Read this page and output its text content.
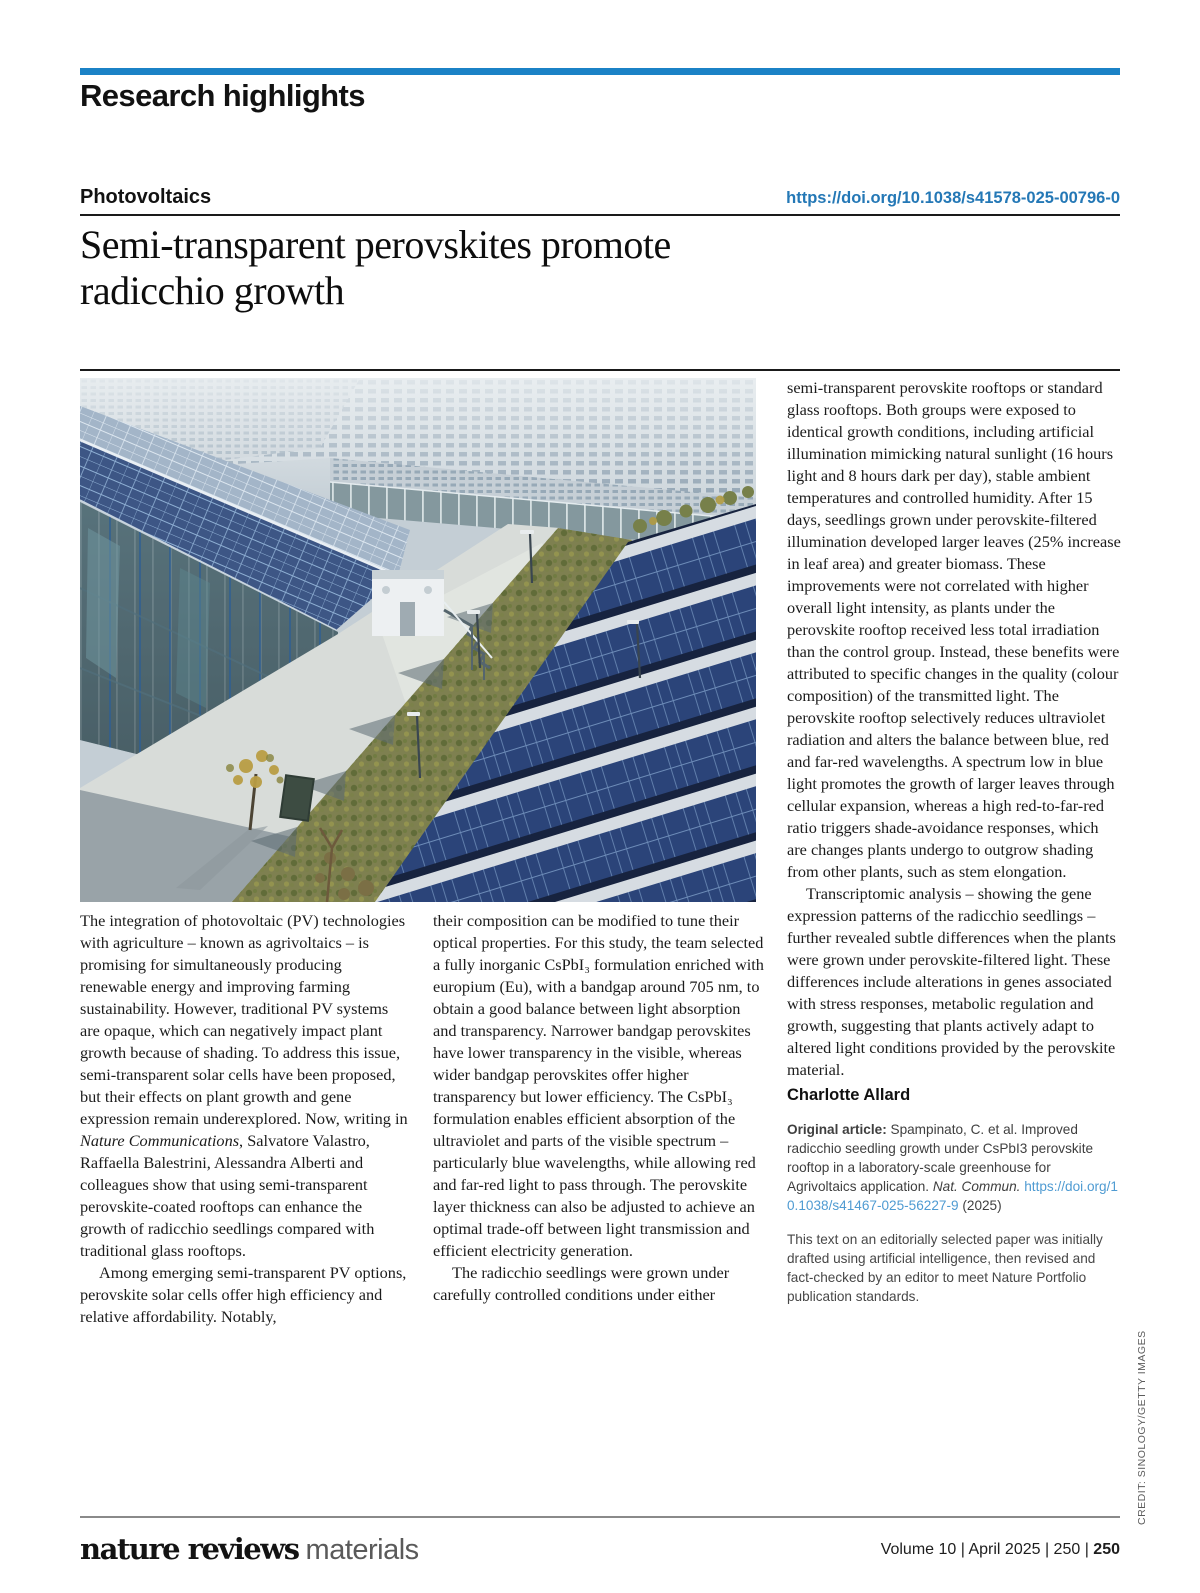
Research highlights
Photovoltaics	https://doi.org/10.1038/s41578-025-00796-0
Semi-transparent perovskites promote radicchio growth
CREDIT: SINOLOGY/GETTY IMAGES

The integration of photovoltaic (PV) technologies with agriculture – known as agrivoltaics – is promising for simultaneously producing renewable energy and improving farming sustainability. However, traditional PV systems are opaque, which can negatively impact plant growth because of shading. To address this issue, semi-transparent solar cells have been proposed, but their effects on plant growth and gene expression remain underexplored. Now, writing in Nature Communications, Salvatore Valastro, Raffaella Balestrini, Alessandra Alberti and colleagues show that using semi-transparent perovskite-coated rooftops can enhance the growth of radicchio seedlings compared with traditional glass rooftops.

Among emerging semi-transparent PV options, perovskite solar cells offer high efficiency and relative affordability. Notably,

their composition can be modified to tune their optical properties. For this study, the team selected a fully inorganic CsPbI₃ formulation enriched with europium (Eu), with a bandgap around 705 nm, to obtain a good balance between light absorption and transparency. Narrower bandgap perovskites have lower transparency in the visible, whereas wider bandgap perovskites offer higher transparency but lower efficiency. The CsPbI₃ formulation enables efficient absorption of the ultraviolet and parts of the visible spectrum – particularly blue wavelengths, while allowing red and far-red light to pass through. The perovskite layer thickness can also be adjusted to achieve an optimal trade-off between light transmission and efficient electricity generation.

The radicchio seedlings were grown under carefully controlled conditions under either

semi-transparent perovskite rooftops or standard glass rooftops. Both groups were exposed to identical growth conditions, including artificial illumination mimicking natural sunlight (16 hours light and 8 hours dark per day), stable ambient temperatures and controlled humidity. After 15 days, seedlings grown under perovskite-filtered illumination developed larger leaves (25% increase in leaf area) and greater biomass. These improvements were not correlated with higher overall light intensity, as plants under the perovskite rooftop received less total irradiation than the control group. Instead, these benefits were attributed to specific changes in the quality (colour composition) of the transmitted light. The perovskite rooftop selectively reduces ultraviolet radiation and alters the balance between blue, red and far-red wavelengths. A spectrum low in blue light promotes the growth of larger leaves through cellular expansion, whereas a high red-to-far-red ratio triggers shade-avoidance responses, which are changes plants undergo to outgrow shading from other plants, such as stem elongation.

Transcriptomic analysis – showing the gene expression patterns of the radicchio seedlings – further revealed subtle differences when the plants were grown under perovskite-filtered light. These differences include alterations in genes associated with stress responses, metabolic regulation and growth, suggesting that plants actively adapt to altered light conditions provided by the perovskite material.

Charlotte Allard

Original article: Spampinato, C. et al. Improved radicchio seedling growth under CsPbI3 perovskite rooftop in a laboratory-scale greenhouse for Agrivoltaics application. Nat. Commun. https://doi.org/10.1038/s41467-025-56227-9 (2025)

This text on an editorially selected paper was initially drafted using artificial intelligence, then revised and fact-checked by an editor to meet Nature Portfolio publication standards.

nature reviews materials	Volume 10 | April 2025 | 250 | 250
